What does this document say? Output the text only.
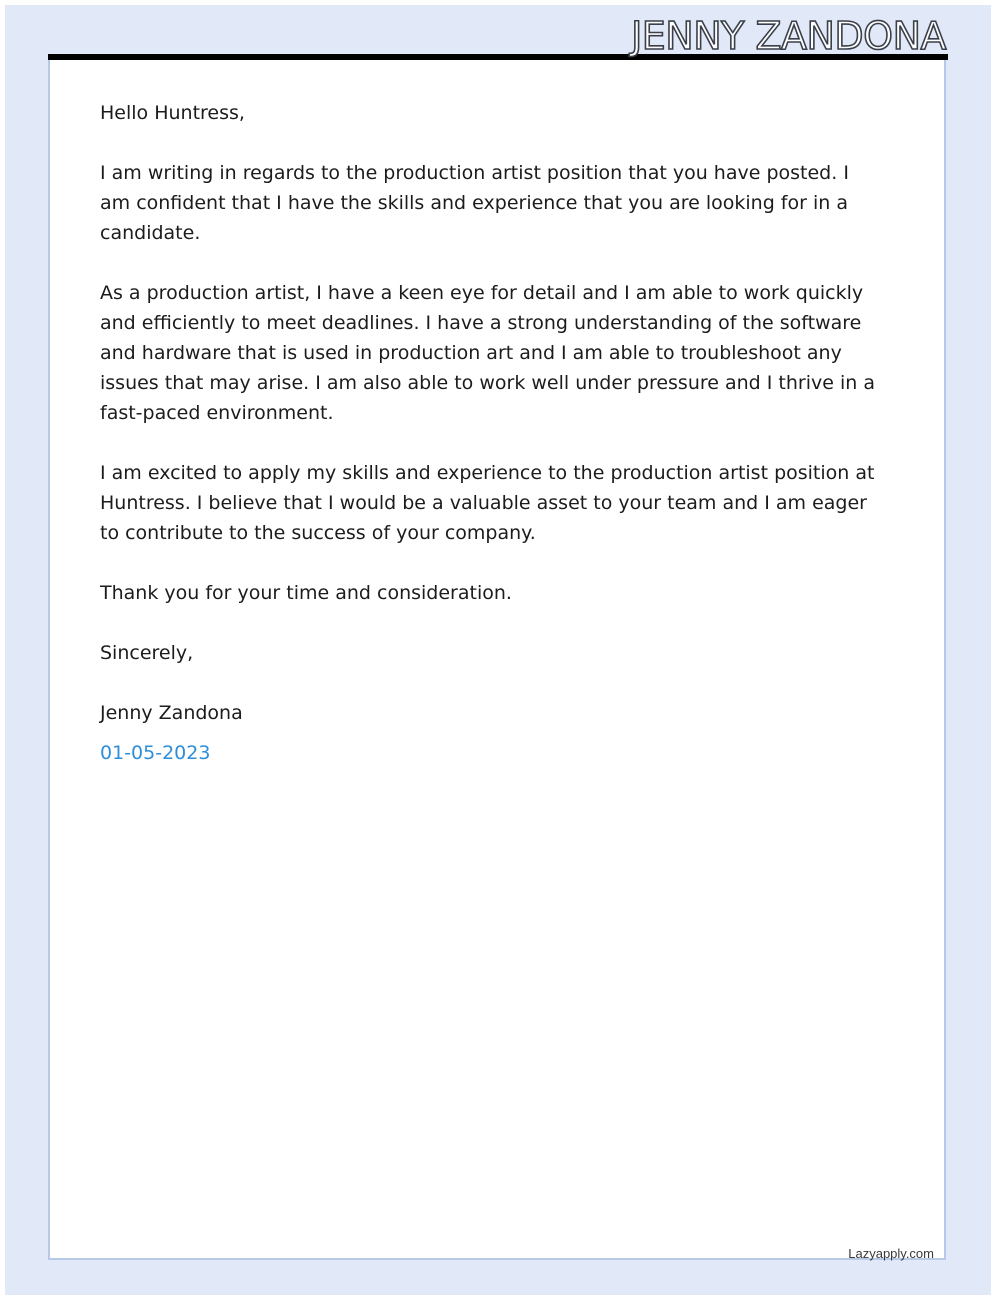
JENNY ZANDONA

Hello Huntress,

I am writing in regards to the production artist position that you have posted. I am confident that I have the skills and experience that you are looking for in a candidate.

As a production artist, I have a keen eye for detail and I am able to work quickly and efficiently to meet deadlines. I have a strong understanding of the software and hardware that is used in production art and I am able to troubleshoot any issues that may arise. I am also able to work well under pressure and I thrive in a fast-paced environment.

I am excited to apply my skills and experience to the production artist position at Huntress. I believe that I would be a valuable asset to your team and I am eager to contribute to the success of your company.

Thank you for your time and consideration.

Sincerely,

Jenny Zandona

01-05-2023

Lazyapply.com
